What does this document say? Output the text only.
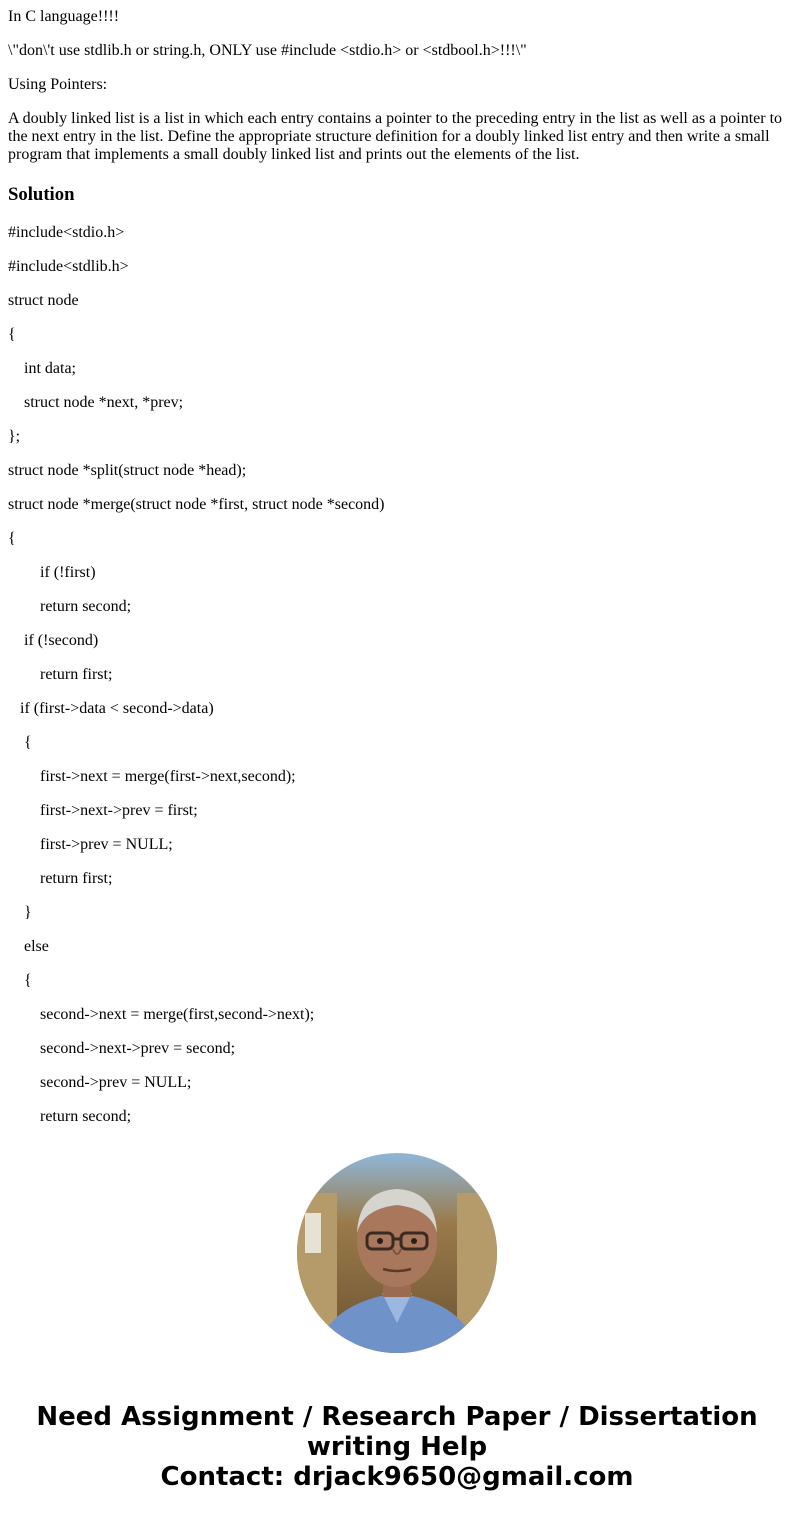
In C language!!!!

\"don\'t use stdlib.h or string.h, ONLY use #include <stdio.h> or <stdbool.h>!!!\"

Using Pointers:

A doubly linked list is a list in which each entry contains a pointer to the preceding entry in the list as well as a pointer to the next entry in the list. Define the appropriate structure definition for a doubly linked list entry and then write a small program that implements a small doubly linked list and prints out the elements of the list.

Solution

#include<stdio.h>

#include<stdlib.h>

struct node

{

int data;

struct node *next, *prev;

};

struct node *split(struct node *head);

struct node *merge(struct node *first, struct node *second)

{

if (!first)

return second;

if (!second)

return first;

if (first->data < second->data)

{

first->next = merge(first->next,second);

first->next->prev = first;

first->prev = NULL;

return first;

}

else

{

second->next = merge(first,second->next);

second->next->prev = second;

second->prev = NULL;

return second;

Need Assignment / Research Paper / Dissertation
writing Help
Contact: drjack9650@gmail.com
